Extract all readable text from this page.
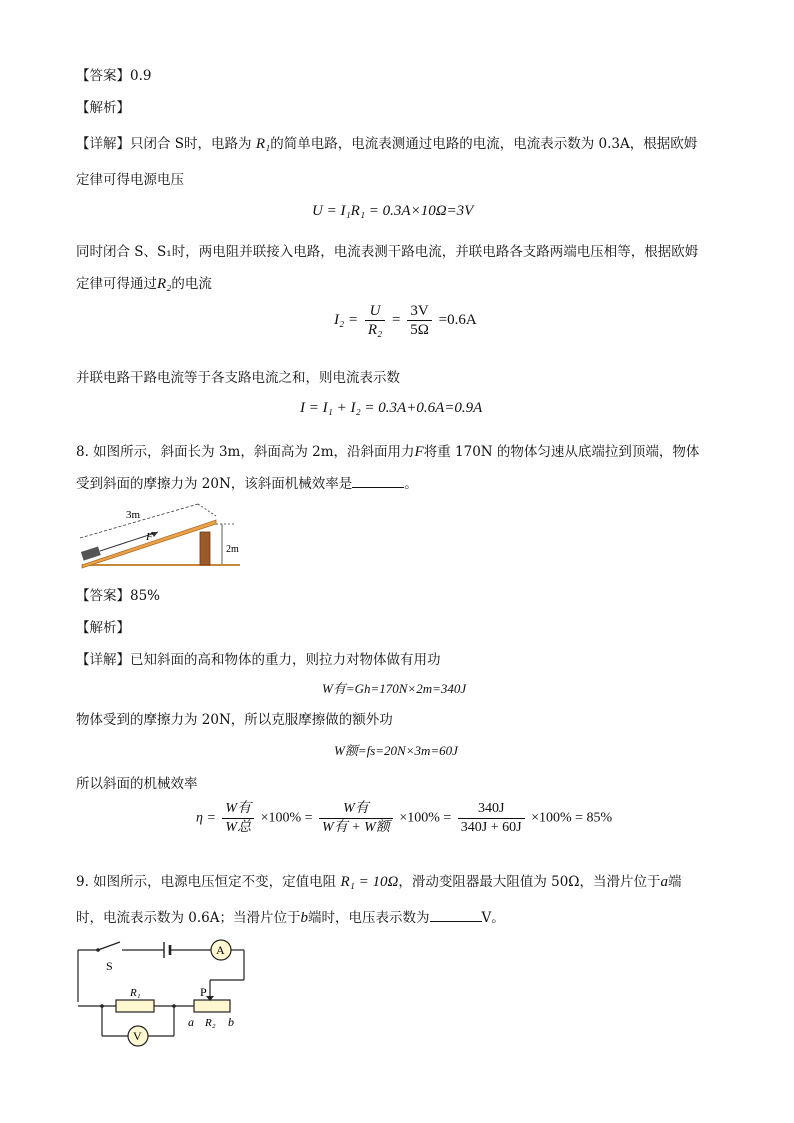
【答案】0.9
【解析】
【详解】只闭合 S时，电路为 R₁的简单电路，电流表测通过电路的电流，电流表示数为 0.3A，根据欧姆
定律可得电源电压
U = I₁R₁ = 0.3A×10Ω=3V
同时闭合 S、S₁时，两电阻并联接入电路，电流表测干路电流，并联电路各支路两端电压相等，根据欧姆
定律可得通过R₂的电流
$I_2 = \frac{U}{\text{R₂}} = \frac{3V}{5\Omega} =0.6A$
并联电路干路电流等于各支路电流之和，则电流表示数
I = I₁ + I₂ = 0.3A+0.6A=0.9A
8. 如图所示，斜面长为 3m，斜面高为 2m，沿斜面用力F将重 170N 的物体匀速从底端拉到顶端，物体
受到斜面的摩擦力为 20N，该斜面机械效率是	。
3m
F
2m
【答案】85%
【解析】
【详解】已知斜面的高和物体的重力，则拉力对物体做有用功
W有=Gh=170N×2m=340J
物体受到的摩擦力为 20N，所以克服摩擦做的额外功
W额=fs=20N×3m=60J
所以斜面的机械效率
$\eta = \frac{\text{W有}}{\text{W总}} \times 100\% = \frac{\text{W有}}{\text{W有 + W额}} \times 100\% = \frac{340J}{340J + 60J} \times 100\% = 85\%$
9. 如图所示，电源电压恒定不变，定值电阻 R₁ = 10Ω，滑动变阻器最大阻值为 50Ω，当滑片位于a端
时，电流表示数为 0.6A；当滑片位于b端时，电压表示数为	V。
S
A
R₁	P
a R₂ b
V
